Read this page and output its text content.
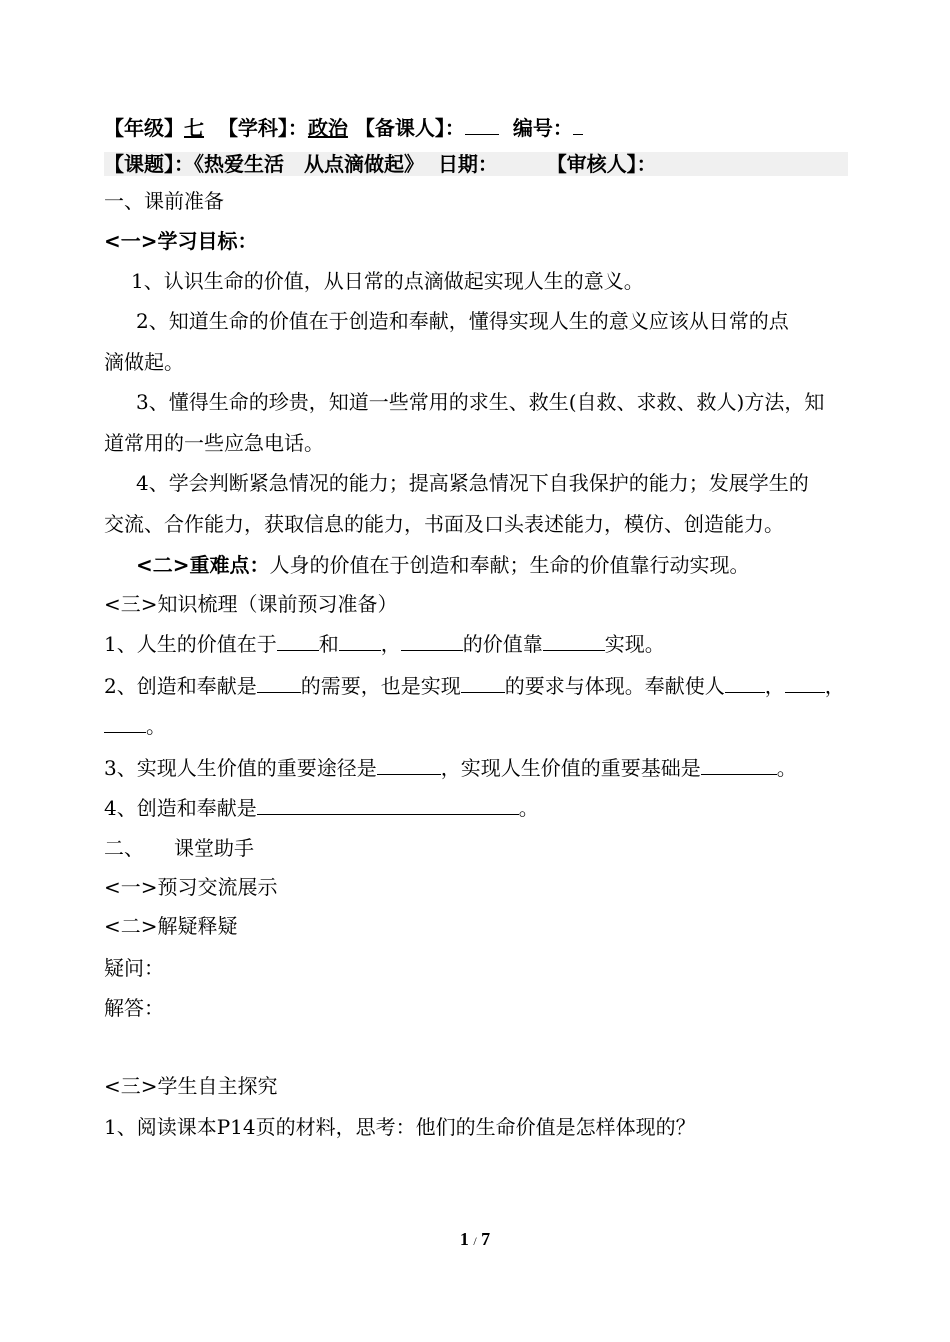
【年级】七 【学科】：政治 【备课人】： 编号：
【课题】：《热爱生活　从点滴做起》 日期： 【审核人】：
一、课前准备
<一>学习目标：
1、认识生命的价值，从日常的点滴做起实现人生的意义。
2、知道生命的价值在于创造和奉献，懂得实现人生的意义应该从日常的点
滴做起。
3、懂得生命的珍贵，知道一些常用的求生、救生(自救、求救、救人)方法，知
道常用的一些应急电话。
4、学会判断紧急情况的能力；提高紧急情况下自我保护的能力；发展学生的
交流、合作能力，获取信息的能力，书面及口头表述能力，模仿、创造能力。
<二>重难点：人身的价值在于创造和奉献；生命的价值靠行动实现。
<三>知识梳理（课前预习准备）
1、人生的价值在于 和 ，	的价值靠	实现。
2、创造和奉献是 的需要，也是实现 的要求与体现。奉献使人 ， ，
。
3、实现人生价值的重要途径是	，实现人生价值的重要基础是	。
4、创造和奉献是	。
二、　　课堂助手
<一>预习交流展示
<二>解疑释疑
疑问：
解答：
<三>学生自主探究
1、阅读课本P14页的材料，思考：他们的生命价值是怎样体现的？
1 / 7
